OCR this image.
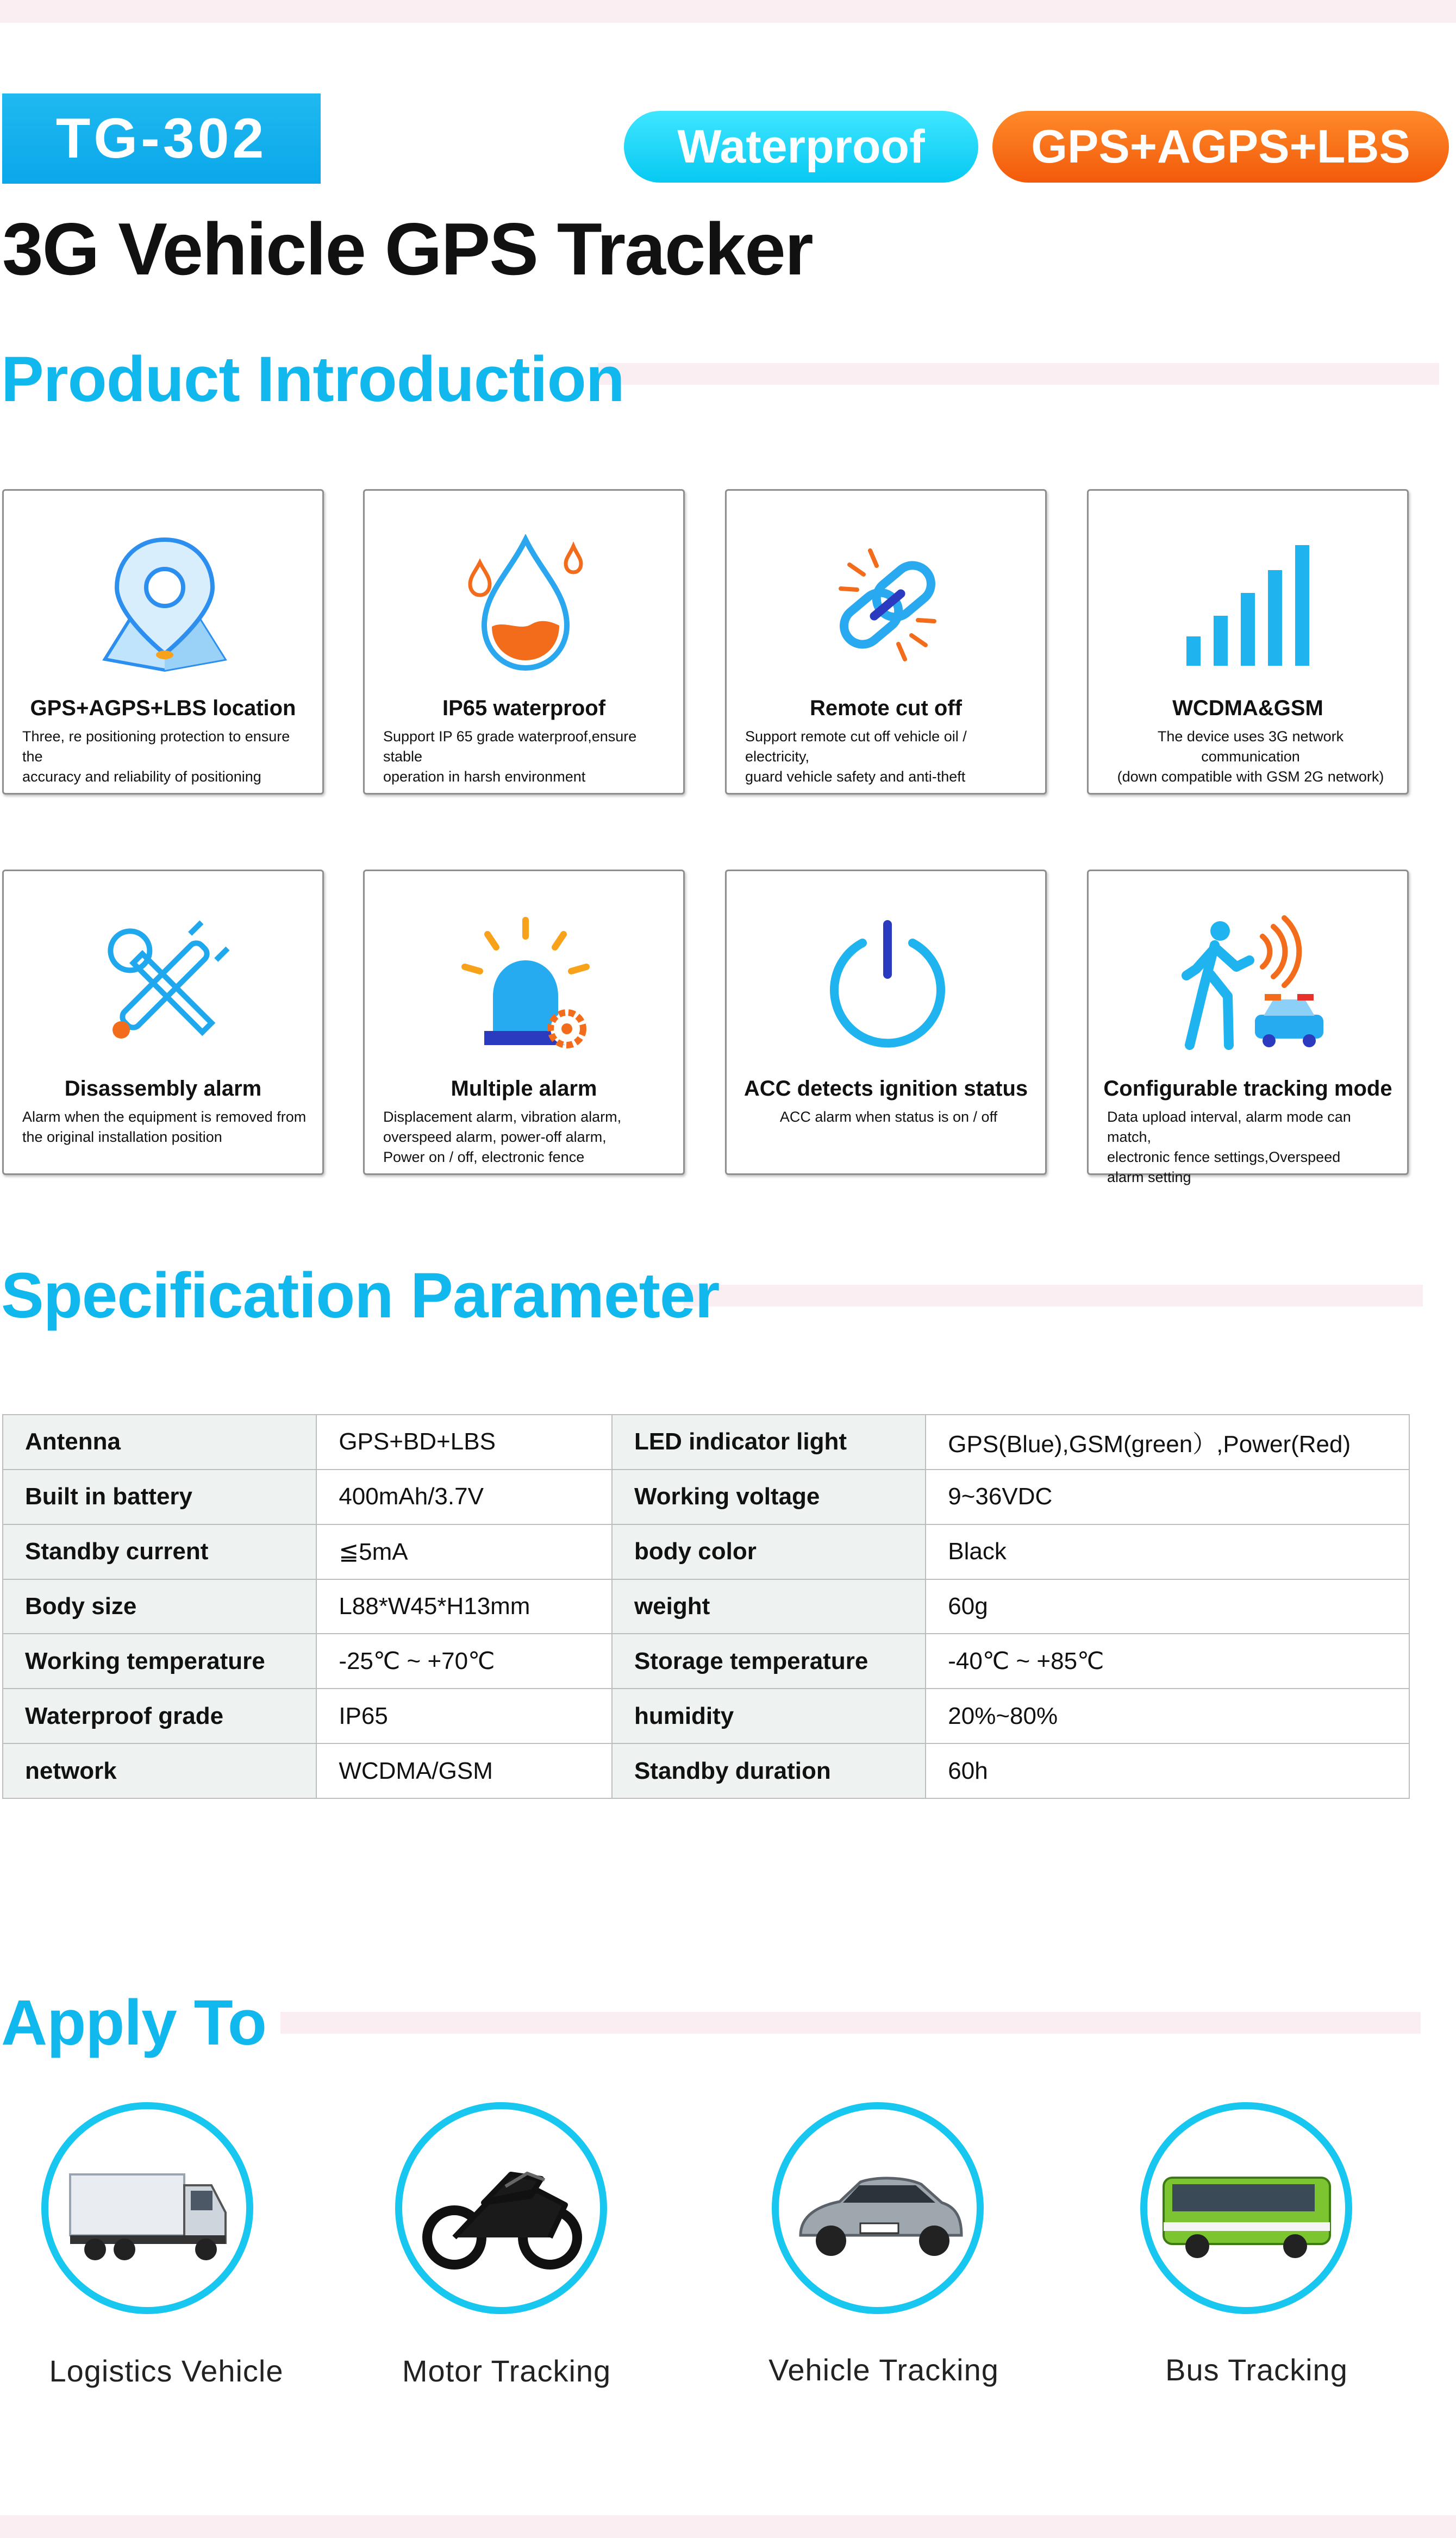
TG-302	Waterproof	GPS+AGPS+LBS
3G Vehicle GPS Tracker
Product Introduction
GPS+AGPS+LBS location
Three, re positioning protection to ensure the
accuracy and reliability of positioning
IP65 waterproof
Support IP 65 grade waterproof,ensure stable
operation in harsh environment
Remote cut off
Support remote cut off vehicle oil / electricity,
guard vehicle safety and anti-theft
WCDMA&GSM
The device uses 3G network communication
(down compatible with GSM 2G network)
Disassembly alarm
Alarm when the equipment is removed from
the original installation position
Multiple alarm
Displacement alarm, vibration alarm,
overspeed alarm, power-off alarm,
Power on / off, electronic fence
ACC detects ignition status
ACC alarm when status is on / off
Configurable tracking mode
Data upload interval, alarm mode can match,
electronic fence settings,Overspeed
alarm setting
Specification Parameter
Antenna	GPS+BD+LBS	LED indicator light	GPS(Blue),GSM(green）,Power(Red)
Built in battery	400mAh/3.7V	Working voltage	9~36VDC
Standby current	≦5mA	body color	Black
Body size	L88*W45*H13mm	weight	60g
Working temperature	-25℃ ~ +70℃	Storage temperature	-40℃ ~ +85℃
Waterproof grade	IP65	humidity	20%~80%
network	WCDMA/GSM	Standby duration	60h
Apply To
Logistics Vehicle	Motor Tracking	Vehicle Tracking	Bus Tracking
